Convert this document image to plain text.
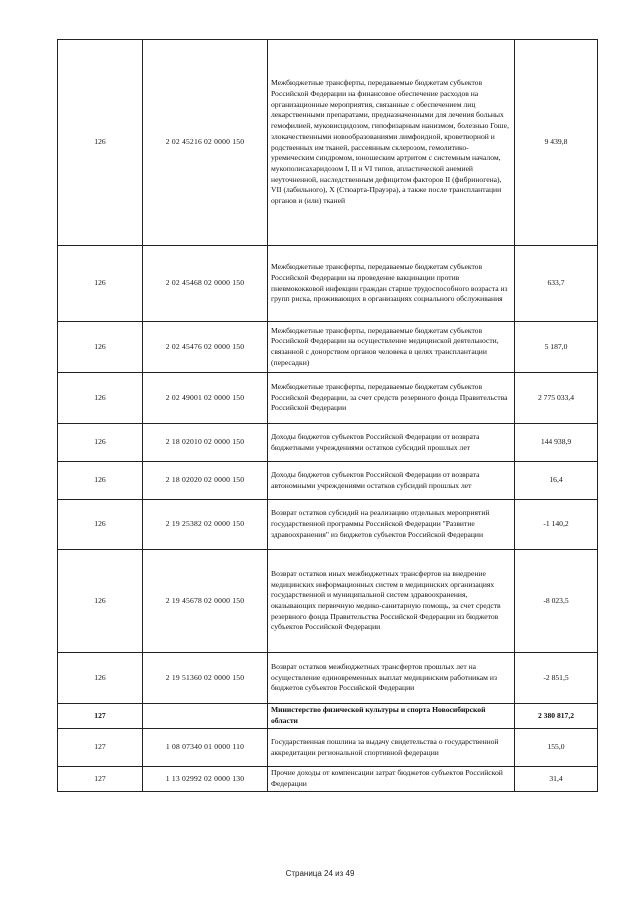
126	2 02 45216 02 0000 150	Межбюджетные трансферты, передаваемые бюджетам субъектов Российской Федерации на финансовое обеспечение расходов на организационные мероприятия, связанные с обеспечением лиц лекарственными препаратами, предназначенными для лечения больных гемофилией, муковисцидозом, гипофизарным нанизмом, болезнью Гоше, злокачественными новообразованиями лимфоидной, кроветворной и родственных им тканей, рассеянным склерозом, гемолитико-уремическим синдромом, юношеским артритом с системным началом, мукополисахаридозом I, II и VI типов, апластической анемией неуточненной, наследственным дефицитом факторов II (фибриногена), VII (лабильного), X (Стюарта-Прауэра), а также после трансплантации органов и (или) тканей	9 439,8
126	2 02 45468 02 0000 150	Межбюджетные трансферты, передаваемые бюджетам субъектов Российской Федерации на проведение вакцинации против пневмококковой инфекции граждан старше трудоспособного возраста из групп риска, проживающих в организациях социального обслуживания	633,7
126	2 02 45476 02 0000 150	Межбюджетные трансферты, передаваемые бюджетам субъектов Российской Федерации на осуществление медицинской деятельности, связанной с донорством органов человека в целях трансплантации (пересадки)	5 187,0
126	2 02 49001 02 0000 150	Межбюджетные трансферты, передаваемые бюджетам субъектов Российской Федерации, за счет средств резервного фонда Правительства Российской Федерации	2 775 033,4
126	2 18 02010 02 0000 150	Доходы бюджетов субъектов Российской Федерации от возврата бюджетными учреждениями остатков субсидий прошлых лет	144 938,9
126	2 18 02020 02 0000 150	Доходы бюджетов субъектов Российской Федерации от возврата автономными учреждениями остатков субсидий прошлых лет	16,4
126	2 19 25382 02 0000 150	Возврат остатков субсидий на реализацию отдельных мероприятий государственной программы Российской Федерации "Развитие здравоохранения" из бюджетов субъектов Российской Федерации	-1 140,2
126	2 19 45678 02 0000 150	Возврат остатков иных межбюджетных трансфертов на внедрение медицинских информационных систем в медицинских организациях государственной и муниципальной систем здравоохранения, оказывающих первичную медико-санитарную помощь, за счет средств резервного фонда Правительства Российской Федерации из бюджетов субъектов Российской Федерации	-8 023,5
126	2 19 51360 02 0000 150	Возврат остатков межбюджетных трансфертов прошлых лет на осуществление единовременных выплат медицинским работникам из бюджетов субъектов Российской Федерации	-2 851,5
127		Министерство физической культуры и спорта Новосибирской области	2 380 817,2
127	1 08 07340 01 0000 110	Государственная пошлина за выдачу свидетельства о государственной аккредитации региональной спортивной федерации	155,0
127	1 13 02992 02 0000 130	Прочие доходы от компенсации затрат бюджетов субъектов Российской Федерации	31,4
Страница 24 из 49
